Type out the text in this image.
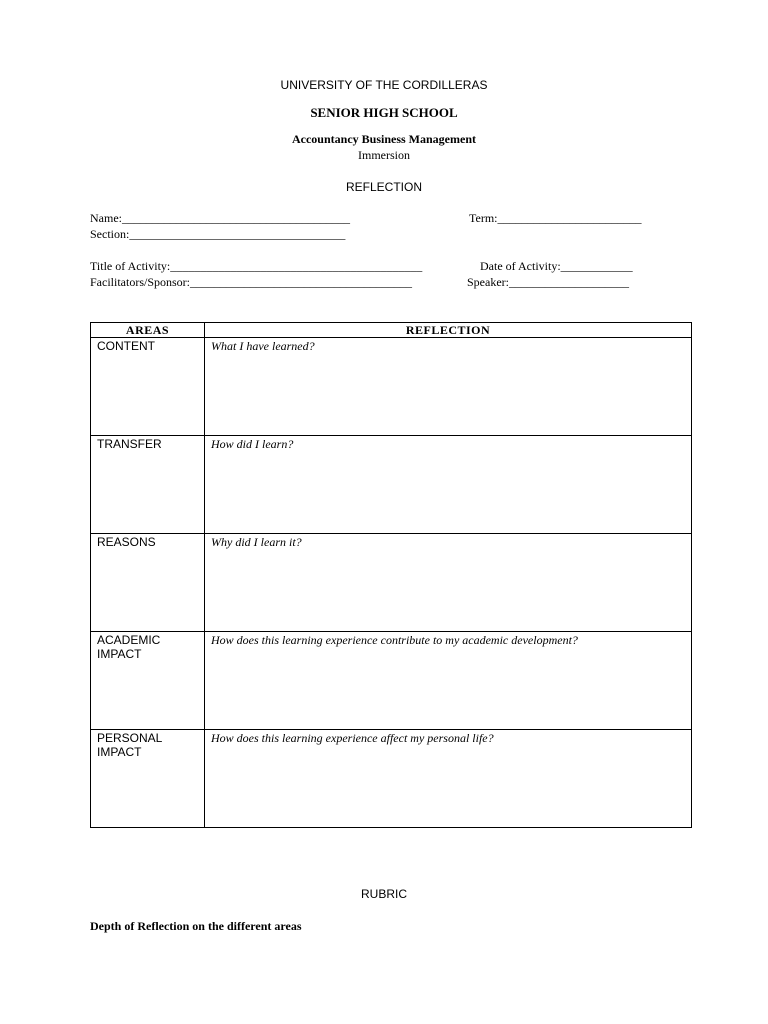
UNIVERSITY OF THE CORDILLERAS
SENIOR HIGH SCHOOL
Accountancy Business Management
Immersion
REFLECTION
Name:______________________________________	Term:________________________
Section:____________________________________
Title of Activity:__________________________________________	Date of Activity:____________
Facilitators/Sponsor:_____________________________________	Speaker:____________________
AREAS	REFLECTION
CONTENT	What I have learned?
TRANSFER	How did I learn?
REASONS	Why did I learn it?
ACADEMIC
IMPACT	How does this learning experience contribute to my academic development?
PERSONAL
IMPACT	How does this learning experience affect my personal life?
RUBRIC
Depth of Reflection on the different areas
